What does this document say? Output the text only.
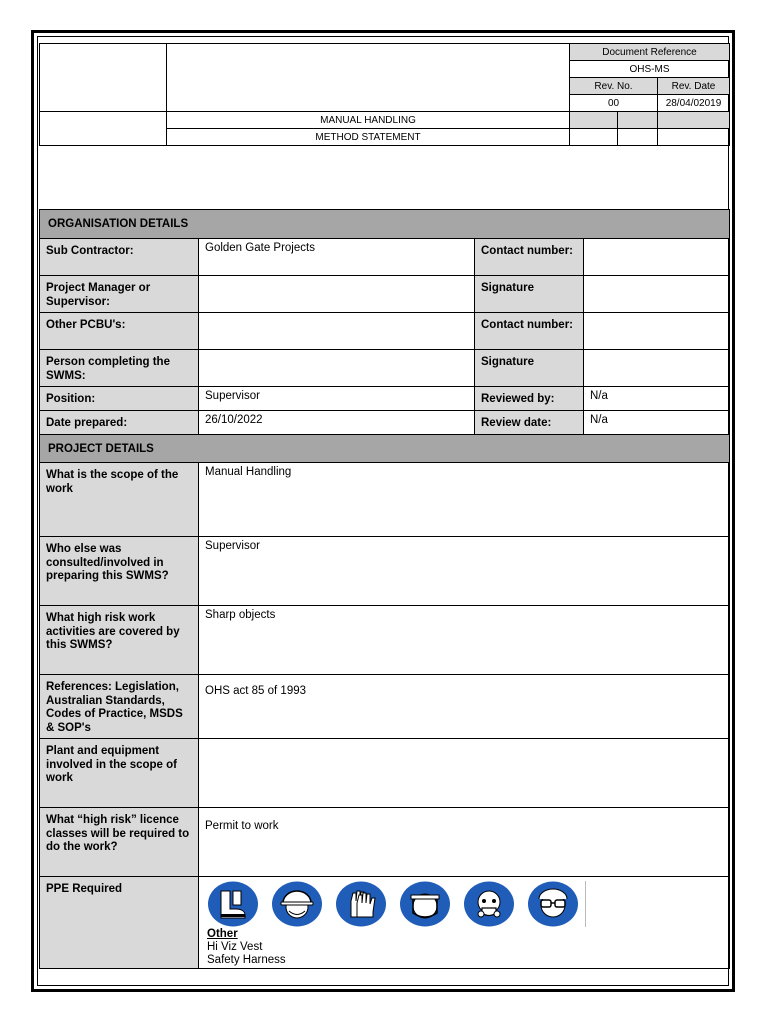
		Document Reference		
		OHS-MS		
		Rev. No.		Rev. Date
		00		28/04/02019
	MANUAL HANDLING			
	METHOD STATEMENT			
ORGANISATION DETAILS			
Sub Contractor:	Golden Gate Projects	Contact number:	
Project Manager or Supervisor:		Signature	
Other PCBU's:		Contact number:	
Person completing the SWMS:		Signature	
Position:	Supervisor	Reviewed by:	N/a
Date prepared:	26/10/2022	Review date:	N/a
PROJECT DETAILS			
What is the scope of the work	Manual Handling		
Who else was consulted/involved in preparing this SWMS?	Supervisor		
What high risk work activities are covered by this SWMS?	Sharp objects		
References: Legislation, Australian Standards, Codes of Practice, MSDS & SOP's	OHS act 85 of 1993		
Plant and equipment involved in the scope of work			
What “high risk” licence classes will be required to do the work?	Permit to work		
PPE Required	Other
Hi Viz Vest
Safety Harness		
